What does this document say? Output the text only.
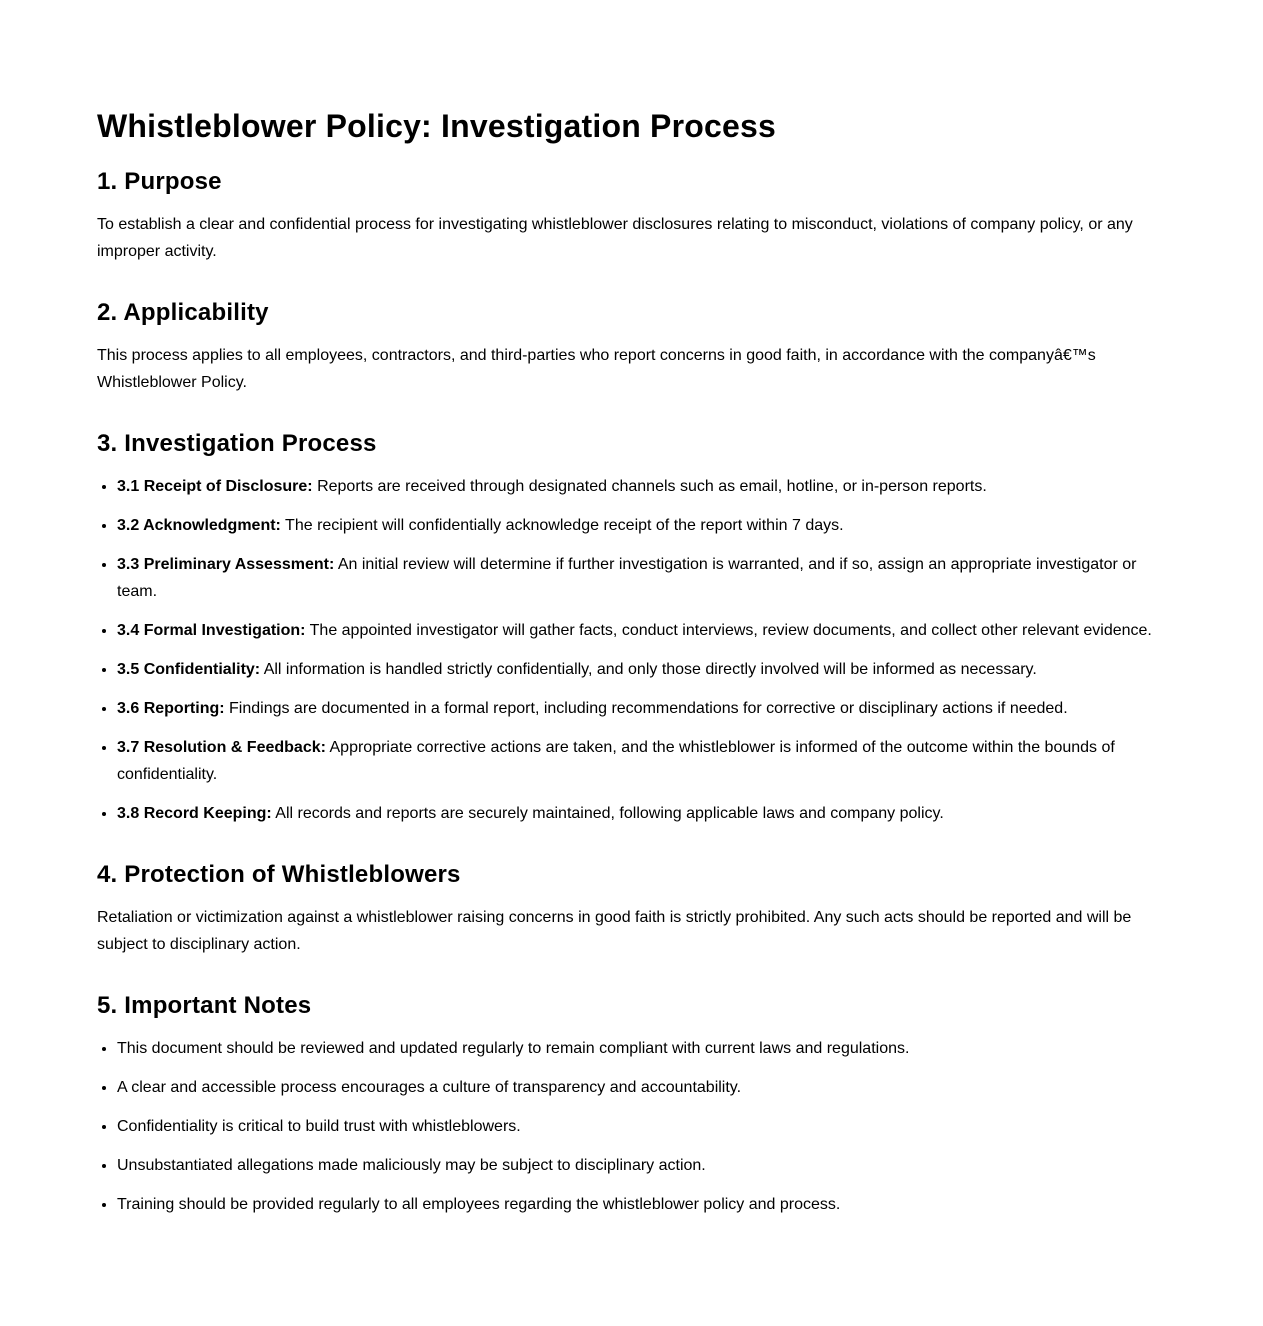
Whistleblower Policy: Investigation Process
1. Purpose

To establish a clear and confidential process for investigating whistleblower disclosures relating to misconduct, violations of company policy, or any improper activity.

2. Applicability

This process applies to all employees, contractors, and third-parties who report concerns in good faith, in accordance with the companyâ€™s Whistleblower Policy.

3. Investigation Process
• 3.1 Receipt of Disclosure: Reports are received through designated channels such as email, hotline, or in-person reports.
• 3.2 Acknowledgment: The recipient will confidentially acknowledge receipt of the report within 7 days.
• 3.3 Preliminary Assessment: An initial review will determine if further investigation is warranted, and if so, assign an appropriate investigator or team.
• 3.4 Formal Investigation: The appointed investigator will gather facts, conduct interviews, review documents, and collect other relevant evidence.
• 3.5 Confidentiality: All information is handled strictly confidentially, and only those directly involved will be informed as necessary.
• 3.6 Reporting: Findings are documented in a formal report, including recommendations for corrective or disciplinary actions if needed.
• 3.7 Resolution & Feedback: Appropriate corrective actions are taken, and the whistleblower is informed of the outcome within the bounds of confidentiality.
• 3.8 Record Keeping: All records and reports are securely maintained, following applicable laws and company policy.
4. Protection of Whistleblowers

Retaliation or victimization against a whistleblower raising concerns in good faith is strictly prohibited. Any such acts should be reported and will be subject to disciplinary action.

5. Important Notes
• This document should be reviewed and updated regularly to remain compliant with current laws and regulations.
• A clear and accessible process encourages a culture of transparency and accountability.
• Confidentiality is critical to build trust with whistleblowers.
• Unsubstantiated allegations made maliciously may be subject to disciplinary action.
• Training should be provided regularly to all employees regarding the whistleblower policy and process.
